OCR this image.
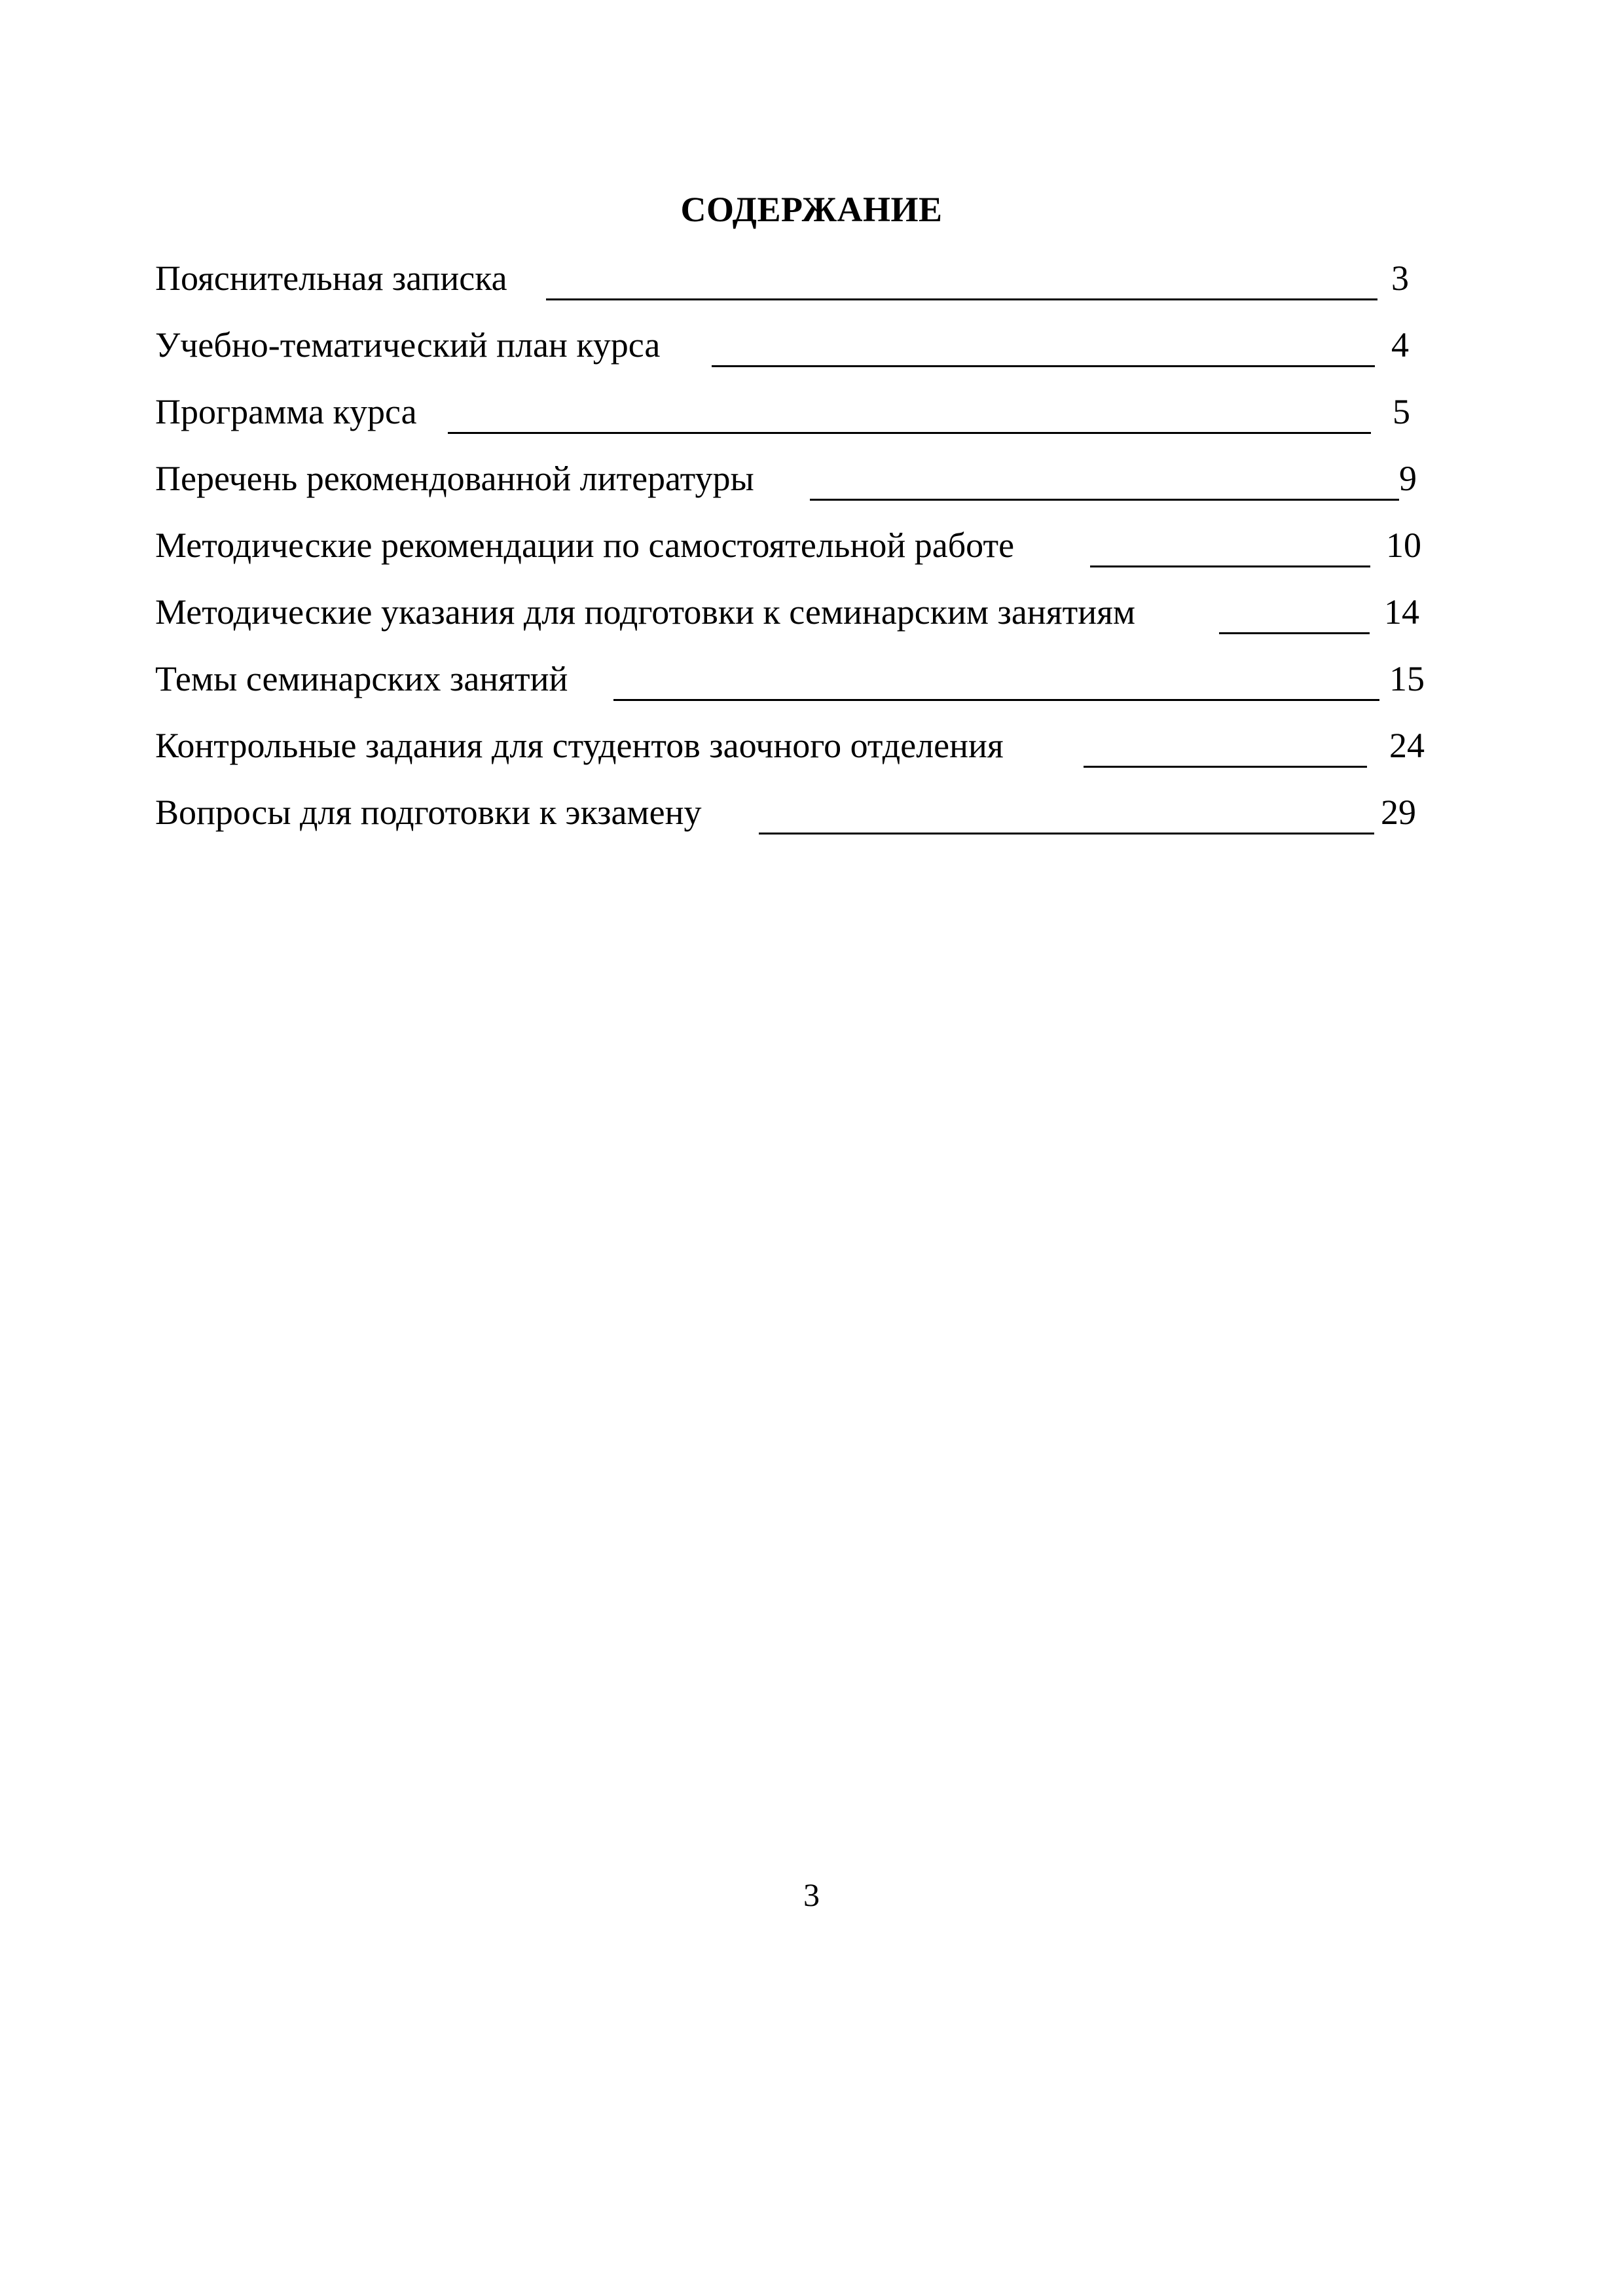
СОДЕРЖАНИЕ
Пояснительная записка	3
Учебно-тематический план курса	4
Программа курса	5
Перечень рекомендованной литературы	9
Методические рекомендации по самостоятельной работе	10
Методические указания для подготовки к семинарским занятиям	14
Темы семинарских занятий	15
Контрольные задания для студентов заочного отделения	24
Вопросы для подготовки к экзамену	29
3
